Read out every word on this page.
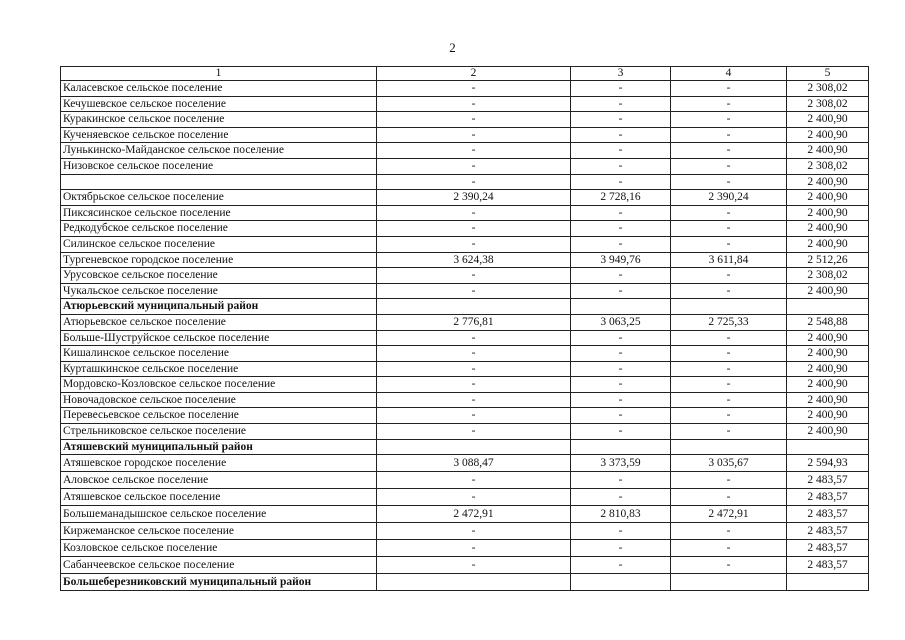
2
1	2	3	4	5
Каласевское сельское поселение	-	-	-	2 308,02
Кечушевское сельское поселение	-	-	-	2 308,02
Куракинское сельское поселение	-	-	-	2 400,90
Кученяевское сельское поселение	-	-	-	2 400,90
Лунькинско-Майданское сельское поселение	-	-	-	2 400,90
Низовское сельское поселение	-	-	-	2 308,02
	-	-	-	2 400,90
Октябрьское сельское поселение	2 390,24	2 728,16	2 390,24	2 400,90
Пиксясинское сельское поселение	-	-	-	2 400,90
Редкодубское сельское поселение	-	-	-	2 400,90
Силинское сельское поселение	-	-	-	2 400,90
Тургеневское городское поселение	3 624,38	3 949,76	3 611,84	2 512,26
Урусовское сельское поселение	-	-	-	2 308,02
Чукальское сельское поселение	-	-	-	2 400,90
Атюрьевский муниципальный район				
Атюрьевское сельское поселение	2 776,81	3 063,25	2 725,33	2 548,88
Больше-Шуструйское сельское поселение	-	-	-	2 400,90
Кишалинское сельское поселение	-	-	-	2 400,90
Курташкинское сельское поселение	-	-	-	2 400,90
Мордовско-Козловское сельское поселение	-	-	-	2 400,90
Новочадовское сельское поселение	-	-	-	2 400,90
Перевесьевское сельское поселение	-	-	-	2 400,90
Стрельниковское сельское поселение	-	-	-	2 400,90
Атяшевский муниципальный район				
Атяшевское городское поселение	3 088,47	3 373,59	3 035,67	2 594,93
Аловское сельское поселение	-	-	-	2 483,57
Атяшевское сельское поселение	-	-	-	2 483,57
Большеманадышское сельское поселение	2 472,91	2 810,83	2 472,91	2 483,57
Киржеманское сельское поселение	-	-	-	2 483,57
Козловское сельское поселение	-	-	-	2 483,57
Сабанчеевское сельское поселение	-	-	-	2 483,57
Большеберезниковский муниципальный район				
